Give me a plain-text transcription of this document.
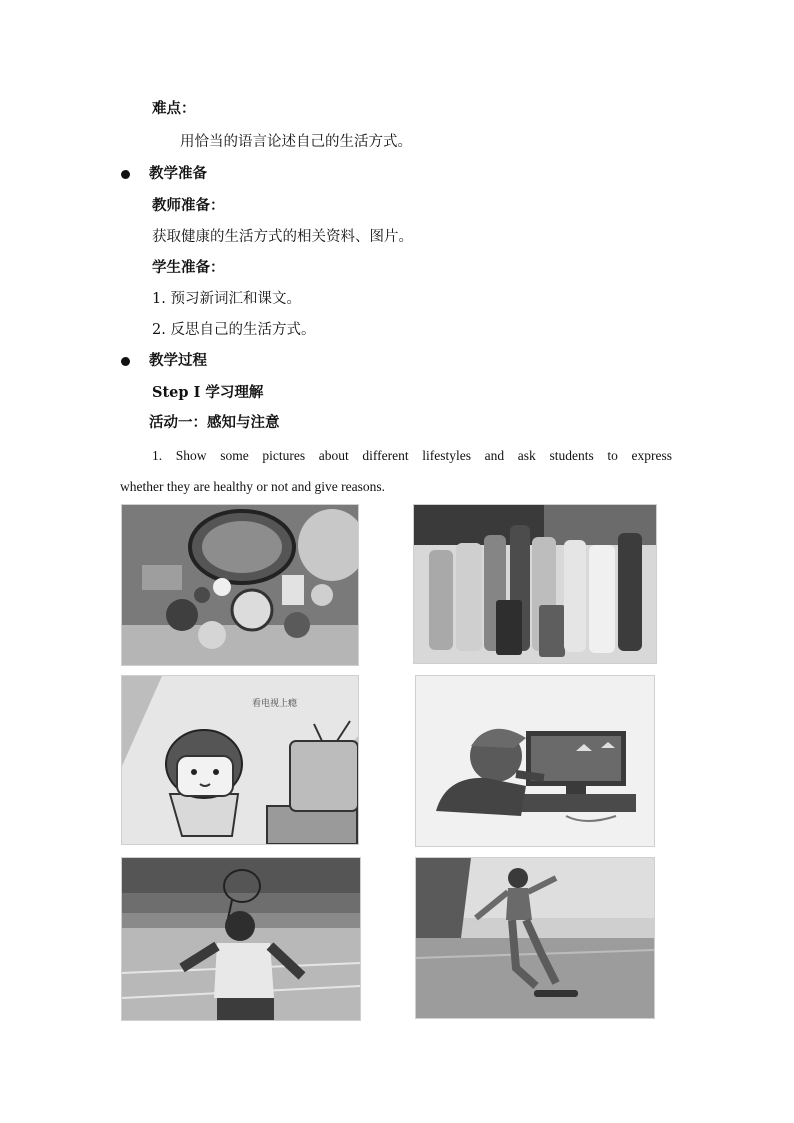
难点：
用恰当的语言论述自己的生活方式。
教学准备
教师准备：
获取健康的生活方式的相关资料、图片。
学生准备：
1. 预习新词汇和课文。
2. 反思自己的生活方式。
教学过程
Step I 学习理解
活动一：感知与注意
1. Show some pictures about different lifestyles and ask students to express
whether they are healthy or not and give reasons.
看电视上瘾
